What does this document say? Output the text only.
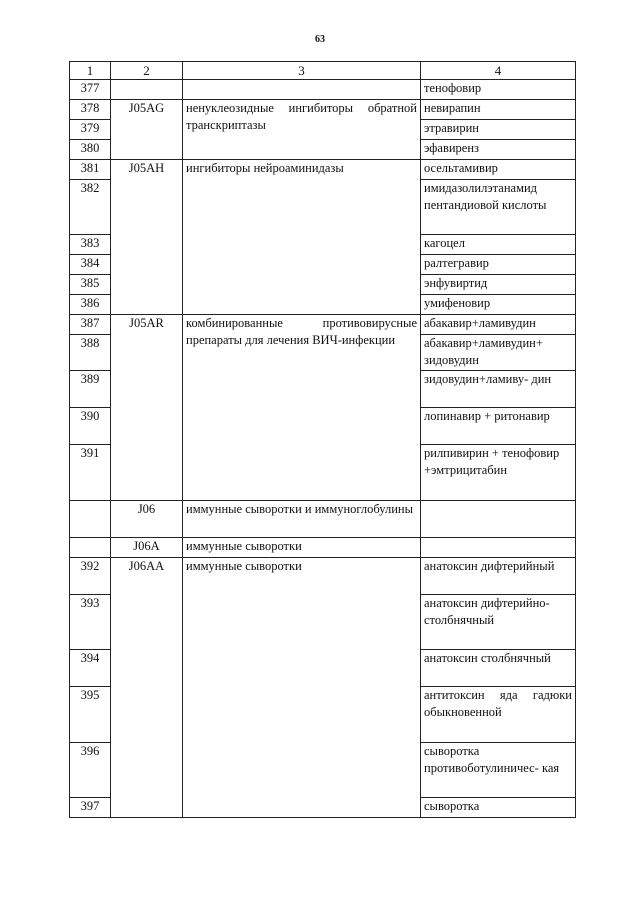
63
1	2	3	4
377			тенофовир
378	J05AG	ненуклеозидные ингибиторы обратной транскриптазы	невирапин
379			этравирин
380			эфавиренз
381	J05AH	ингибиторы нейроаминидазы	осельтамивир
382			имидазолилэтанамид пентандиовой кислоты
383			кагоцел
384			ралтегравир
385			энфувиртид
386			умифеновир
387	J05AR	комбинированные противовирусные препараты для лечения ВИЧ-инфекции	абакавир+ламивудин
388			абакавир+ламивудин+ зидовудин
389			зидовудин+ламиву- дин
390			лопинавир + ритонавир
391			рилпивирин + тенофовир +эмтрицитабин
	J06	иммунные сыворотки и иммуноглобулины	
	J06A	иммунные сыворотки	
392	J06AA	иммунные сыворотки	анатоксин дифтерийный
393			анатоксин дифтерийно- столбнячный
394			анатоксин столбнячный
395			антитоксин яда гадюки обыкновенной
396			сыворотка противоботулиничес- кая
397			сыворотка
